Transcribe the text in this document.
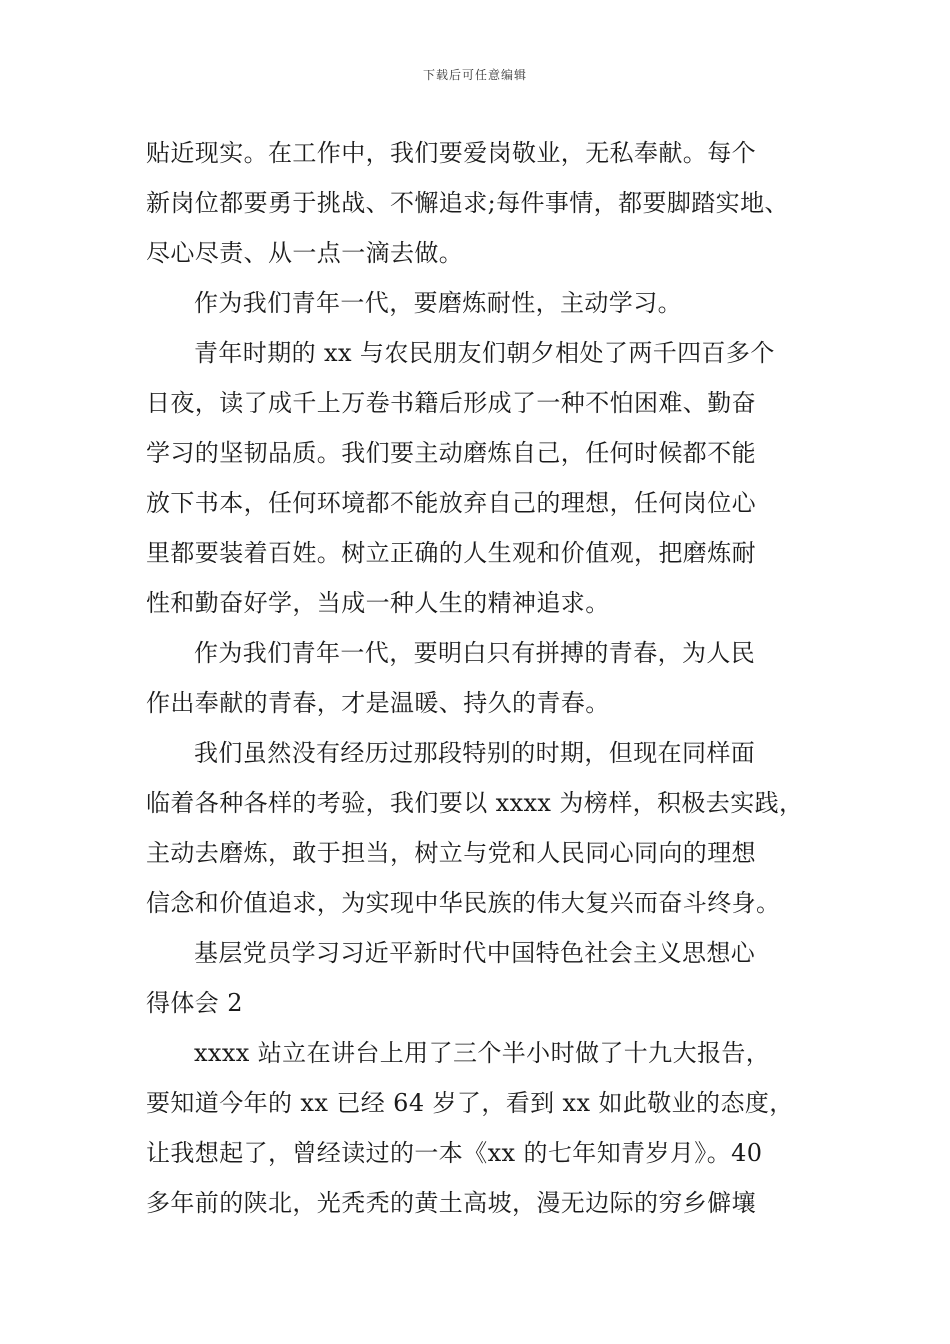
下载后可任意编辑
贴近现实。在工作中，我们要爱岗敬业，无私奉献。每个
新岗位都要勇于挑战、不懈追求;每件事情，都要脚踏实地、
尽心尽责、从一点一滴去做。
作为我们青年一代，要磨炼耐性，主动学习。
青年时期的 xx 与农民朋友们朝夕相处了两千四百多个
日夜，读了成千上万卷书籍后形成了一种不怕困难、勤奋
学习的坚韧品质。我们要主动磨炼自己，任何时候都不能
放下书本，任何环境都不能放弃自己的理想，任何岗位心
里都要装着百姓。树立正确的人生观和价值观，把磨炼耐
性和勤奋好学，当成一种人生的精神追求。
作为我们青年一代，要明白只有拼搏的青春，为人民
作出奉献的青春，才是温暖、持久的青春。
我们虽然没有经历过那段特别的时期，但现在同样面
临着各种各样的考验，我们要以 xxxx 为榜样，积极去实践，
主动去磨炼，敢于担当，树立与党和人民同心同向的理想
信念和价值追求，为实现中华民族的伟大复兴而奋斗终身。
基层党员学习习近平新时代中国特色社会主义思想心
得体会 2
xxxx 站立在讲台上用了三个半小时做了十九大报告，
要知道今年的 xx 已经 64 岁了，看到 xx 如此敬业的态度，
让我想起了，曾经读过的一本《xx 的七年知青岁月》。40
多年前的陕北，光秃秃的黄土高坡，漫无边际的穷乡僻壤
